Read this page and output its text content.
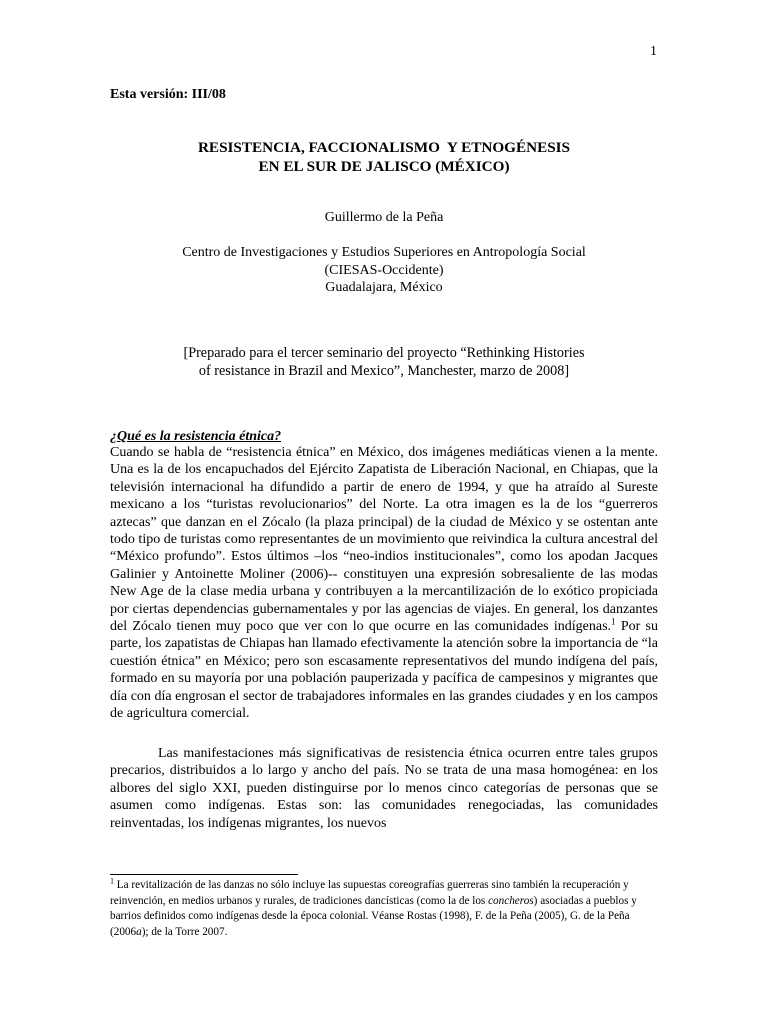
1
Esta versión: III/08
RESISTENCIA, FACCIONALISMO  Y ETNOGÉNESIS
EN EL SUR DE JALISCO (MÉXICO)
Guillermo de la Peña
Centro de Investigaciones y Estudios Superiores en Antropología Social
(CIESAS-Occidente)
Guadalajara, México
[Preparado para el tercer seminario del proyecto “Rethinking Histories
of resistance in Brazil and Mexico”, Manchester, marzo de 2008]
¿Qué es la resistencia étnica?
Cuando se habla de “resistencia étnica” en México, dos imágenes mediáticas vienen a la mente. Una es la de los encapuchados del Ejército Zapatista de Liberación Nacional, en Chiapas, que la televisión internacional ha difundido a partir de enero de 1994, y que ha atraído al Sureste mexicano a los “turistas revolucionarios” del Norte. La otra imagen es la de los “guerreros aztecas” que danzan en el Zócalo (la plaza principal) de la ciudad de México y se ostentan ante todo tipo de turistas como representantes de un movimiento que reivindica la cultura ancestral del “México profundo”. Estos últimos –los “neo-indios institucionales”, como los apodan Jacques Galinier y Antoinette Moliner (2006)-- constituyen una expresión sobresaliente de las modas New Age de la clase media urbana y contribuyen a la mercantilización de lo exótico propiciada por ciertas dependencias gubernamentales y por las agencias de viajes. En general, los danzantes del Zócalo tienen muy poco que ver con lo que ocurre en las comunidades indígenas.$^1$ Por su parte, los zapatistas de Chiapas han llamado efectivamente la atención sobre la importancia de “la cuestión étnica” en México; pero son escasamente representativos del mundo indígena del país, formado en su mayoría por una población pauperizada y pacífica de campesinos y migrantes que día con día engrosan el sector de trabajadores informales en las grandes ciudades y en los campos de agricultura comercial.
Las manifestaciones más significativas de resistencia étnica ocurren entre tales grupos precarios, distribuidos a lo largo y ancho del país. No se trata de una masa homogénea: en los albores del siglo XXI, pueden distinguirse por lo menos cinco categorías de personas que se asumen como indígenas. Estas son: las comunidades renegociadas, las comunidades reinventadas, los indígenas migrantes, los nuevos
$^1$ La revitalización de las danzas no sólo incluye las supuestas coreografías guerreras sino también la recuperación y reinvención, en medios urbanos y rurales, de tradiciones dancísticas (como la de los concheros) asociadas a pueblos y barrios definidos como indígenas desde la época colonial. Véanse Rostas (1998), F. de la Peña (2005), G. de la Peña (2006a); de la Torre 2007.
